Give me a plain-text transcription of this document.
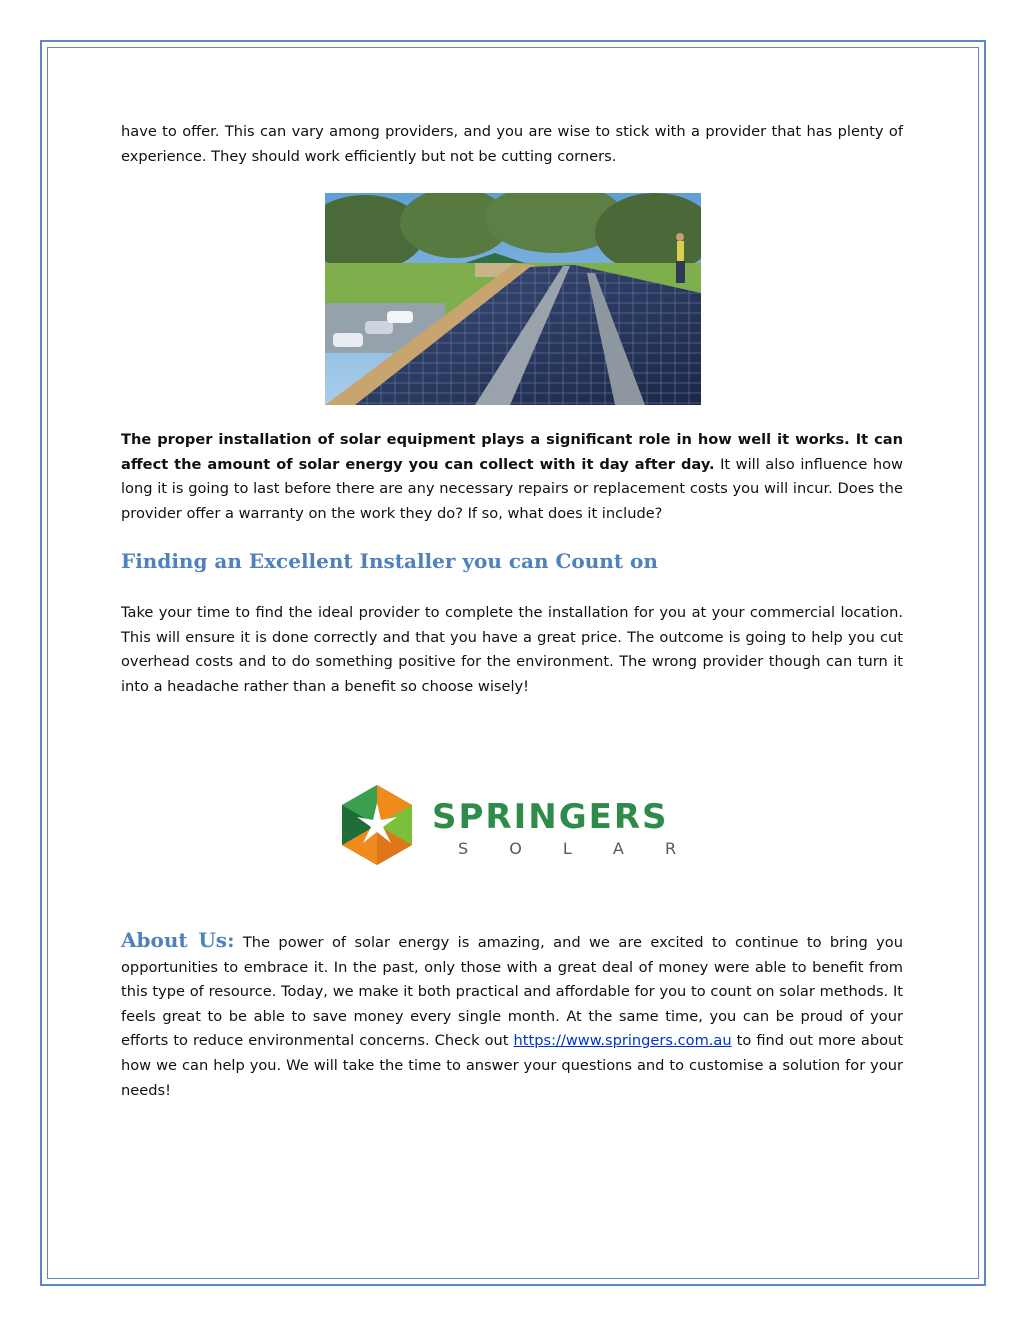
have to offer. This can vary among providers, and you are wise to stick with a provider that has plenty of experience. They should work efficiently but not be cutting corners.

The proper installation of solar equipment plays a significant role in how well it works. It can affect the amount of solar energy you can collect with it day after day. It will also influence how long it is going to last before there are any necessary repairs or replacement costs you will incur. Does the provider offer a warranty on the work they do? If so, what does it include?

Finding an Excellent Installer you can Count on

Take your time to find the ideal provider to complete the installation for you at your commercial location. This will ensure it is done correctly and that you have a great price. The outcome is going to help you cut overhead costs and to do something positive for the environment. The wrong provider though can turn it into a headache rather than a benefit so choose wisely!

SPRINGERS
S O L A R

About Us: The power of solar energy is amazing, and we are excited to continue to bring you opportunities to embrace it. In the past, only those with a great deal of money were able to benefit from this type of resource. Today, we make it both practical and affordable for you to count on solar methods. It feels great to be able to save money every single month. At the same time, you can be proud of your efforts to reduce environmental concerns. Check out https://www.springers.com.au to find out more about how we can help you. We will take the time to answer your questions and to customise a solution for your needs!
